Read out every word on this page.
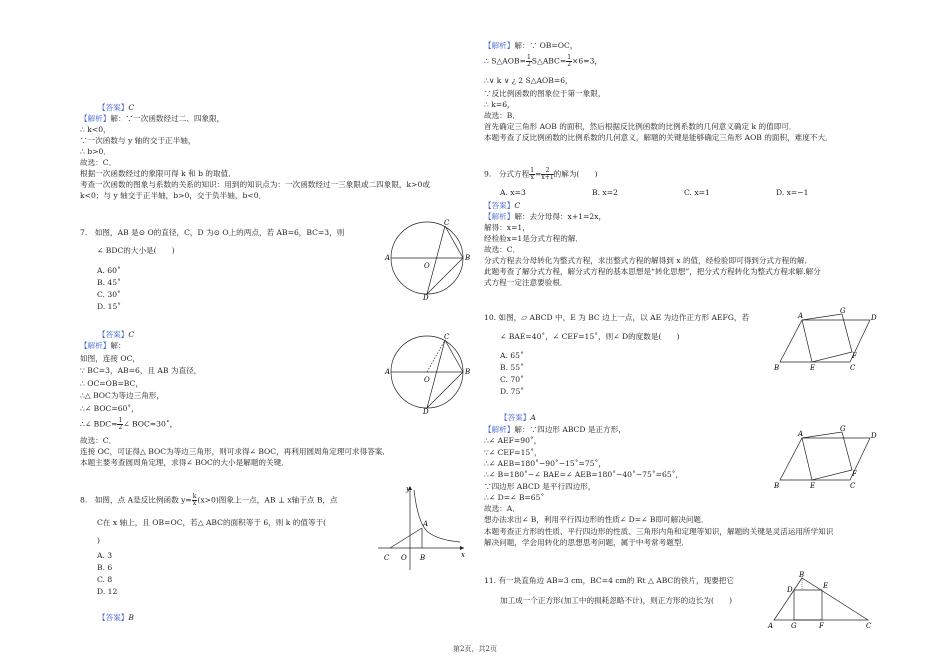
【答案】C
【解析】解：∵一次函数经过二、四象限，
∴ k<0，
∵一次函数与 y 轴的交于正半轴，
∴ b>0．
故选：C．
根据一次函数经过的象限可得 k 和 b 的取值．
考查一次函数的图象与系数的关系的知识：用到的知识点为：一次函数经过一三象限或二四象限，k>0或
k<0；与 y 轴交于正半轴，b>0，交于负半轴，b<0．
7.　如图，AB 是⊙ O的直径，C，D 为⊙ O上的两点，若 AB=6，BC=3，则
∠ BDC的大小是(　　)
A. 60˚
B. 45˚
C. 30˚
D. 15˚
【答案】C
【解析】解：
如图，连接 OC，
∵ BC=3，AB=6，且 AB 为直径，
∴ OC=OB=BC，
∴△ BOC为等边三角形，
∴∠ BOC=60˚，
∴∠ $BDC= \frac{1}{2}$ ∠ BOC=30˚，
故选：C．
连接 OC，可证得△ BOC为等边三角形，则可求得∠ BOC，再利用圆周角定理可求得答案．
本题主要考查圆周角定理，求得∠ BOC的大小是解题的关键．
8.　如图，点 A是反比例函数 $y= \frac{k}{x} (x>0)$图象上一点，AB ⊥ x轴于点 B，点
C在 x 轴上，且 OB=OC，若△ ABC的面积等于 6，则 k 的值等于(
)
A. 3
B. 6
C. 8
D. 12
【答案】B
A	B
C
O
D
A	B
C
O
D
y
x
A
C O B
【解析】解：∵ OB=OC，
∴ S△AOB= $\frac{1}{2}$ S△ABC= $\frac{1}{2} \times 6=3$，
∴∨ k ∨ ¿ 2 S△AOB=6，
∵反比例函数的图象位于第一象限，
∴ k=6，
故选：B．
首先确定三角形 AOB 的面积，然后根据反比例函数的比例系数的几何意义确定 k 的值即可．
本题考查了反比例函数的比例系数的几何意义，解题的关键是能够确定三角形 AOB 的面积，难度不大．
9.　分式方程 $\frac{1}{x} = \frac{2}{x+1}$ 的解为(　　)
A. x=3	B. x=2	C. x=1	D. x=−1
【答案】C
【解析】解：去分母得：x+1=2x，
解得：x=1，
经检验x=1是分式方程的解．
故选：C．
分式方程去分母转化为整式方程，求出整式方程的解得到 x 的值，经检验即可得到分式方程的解．
此题考查了解分式方程，解分式方程的基本思想是“转化思想”，把分式方程转化为整式方程求解.解分
式方程一定注意要验根．
10. 如图，▱ ABCD 中，E 为 BC 边上一点，以 AE 为边作正方形 AEFG，若
∠ BAE=40˚，∠ CEF=15˚，则∠ D的度数是(　　)
A. 65˚
B. 55˚
C. 70˚
D. 75˚
【答案】A
【解析】解：∵四边形 ABCD 是正方形，
∴∠ AEF=90˚，
∵∠ CEF=15˚，
∴∠ AEB=180˚−90˚−15˚=75˚，
∴∠ B=180˚−∠ BAE=∠ AEB=180˚−40˚−75˚=65˚，
∵四边形 ABCD 是平行四边形，
∴∠ D=∠ B=65˚
故选：A．
想办法求出∠ B，利用平行四边形的性质∠ D=∠ B即可解决问题．
本题考查正方形的性质、平行四边形的性质、三角形内角和定理等知识，解题的关键是灵活运用所学知识
解决问题，学会用转化的思想思考问题，属于中考常考题型．
11. 有一块直角边 AB=3 cm，BC=4 cm的 Rt △ ABC的铁片，现要把它
加工成一个正方形(加工中的损耗忽略不计)，则正方形的边长为(　　)
A
G
F
B	E	C
D
A
G
F
B	E	C
D
B
D	E
A	G	F	C
第2页，共2页
